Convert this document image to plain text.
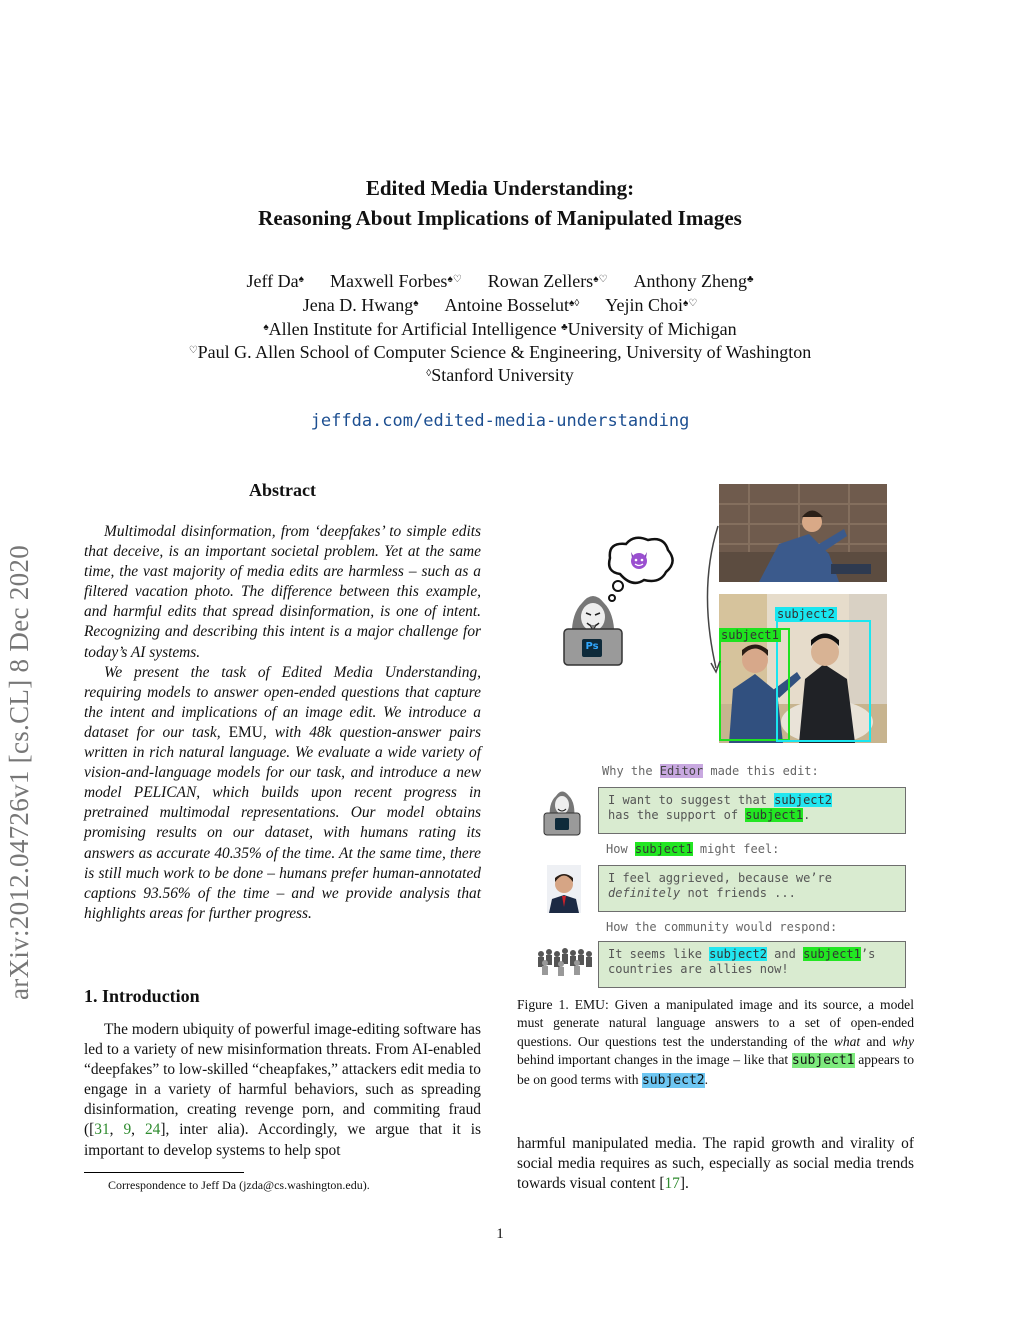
arXiv:2012.04726v1 [cs.CL] 8 Dec 2020
Edited Media Understanding:
Reasoning About Implications of Manipulated Images
Jeff Da♠ Maxwell Forbes♠♡ Rowan Zellers♠♡ Anthony Zheng♣
Jena D. Hwang♠ Antoine Bosselut♠◊ Yejin Choi♠♡
♠Allen Institute for Artificial Intelligence ♣University of Michigan
♡Paul G. Allen School of Computer Science & Engineering, University of Washington
◊Stanford University
jeffda.com/edited-media-understanding
Abstract

Multimodal disinformation, from ‘deepfakes’ to simple edits that deceive, is an important societal problem. Yet at the same time, the vast majority of media edits are harmless – such as a filtered vacation photo. The difference between this example, and harmful edits that spread disinformation, is one of intent. Recognizing and describing this intent is a major challenge for today’s AI systems.

We present the task of Edited Media Understanding, requiring models to answer open-ended questions that capture the intent and implications of an image edit. We introduce a dataset for our task, EMU, with 48k question-answer pairs written in rich natural language. We evaluate a wide variety of vision-and-language models for our task, and introduce a new model PELICAN, which builds upon recent progress in pretrained multimodal representations. Our model obtains promising results on our dataset, with humans rating its answers as accurate 40.35% of the time. At the same time, there is still much work to be done – humans prefer human-annotated captions 93.56% of the time – and we provide analysis that highlights areas for further progress.

1. Introduction

The modern ubiquity of powerful image-editing software has led to a variety of new misinformation threats. From AI-enabled “deepfakes” to low-skilled “cheapfakes,” attackers edit media to engage in a variety of harmful behaviors, such as spreading disinformation, creating revenge porn, and commiting fraud ([31, 9, 24], inter alia). Accordingly, we argue that it is important to develop systems to help spot

Correspondence to Jeff Da (jzda@cs.washington.edu).
subject2
subject1
Ps
Why the Editor made this edit:
I want to suggest that subject2
has the support of subject1.
How subject1 might feel:
I feel aggrieved, because we’re
definitely not friends ...
How the community would respond:
It seems like subject2 and subject1’s
countries are allies now!
Figure 1. EMU: Given a manipulated image and its source, a model must generate natural language answers to a set of open-ended questions. Our questions test the understanding of the what and why behind important changes in the image – like that subject1 appears to be on good terms with subject2.
harmful manipulated media. The rapid growth and virality of social media requires as such, especially as social media trends towards visual content [17].
1
